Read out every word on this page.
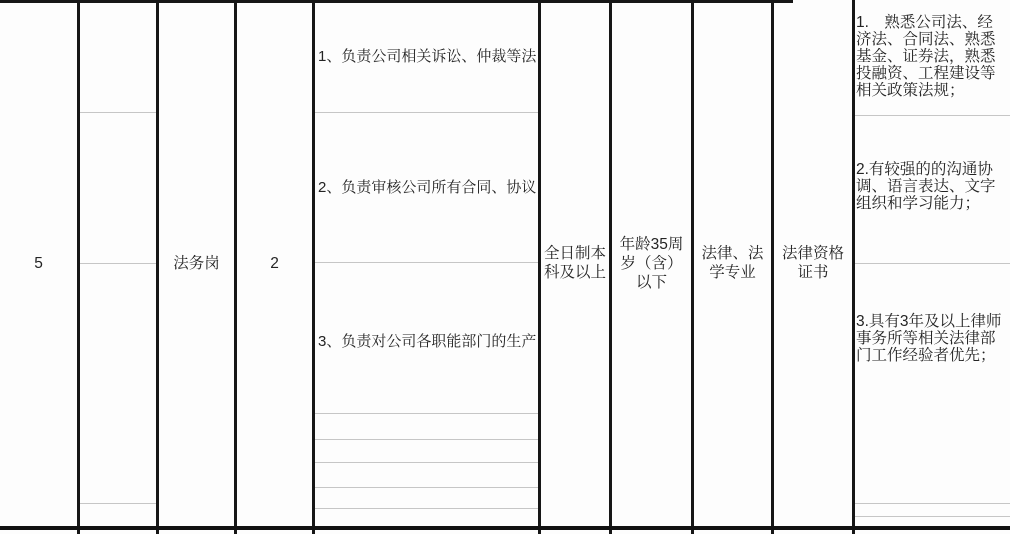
5	法务岗	2
1、负责公司相关诉讼、仲裁等法
2、负责审核公司所有合同、协议
3、负责对公司各职能部门的生产
全日制本科及以上
年龄35周岁（含）以下
法律、法学专业
法律资格证书
1.　熟悉公司法、经济法、合同法、熟悉基金、证券法，熟悉投融资、工程建设等相关政策法规；
2.有较强的的沟通协调、语言表达、文字组织和学习能力；
3.具有3年及以上律师事务所等相关法律部门工作经验者优先；
